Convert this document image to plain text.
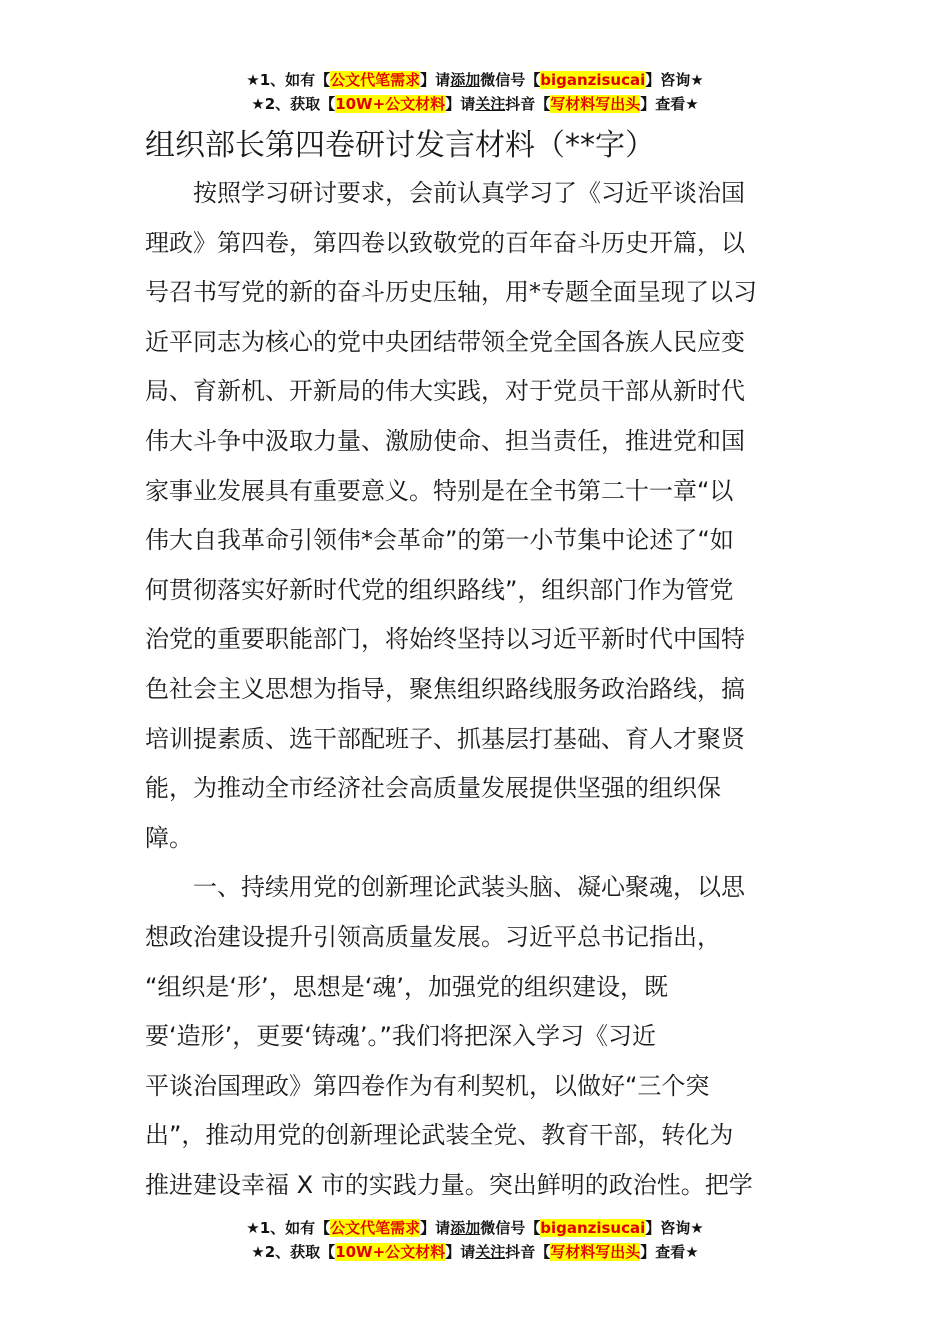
★1、如有【公文代笔需求】请添加微信号【biganzisucai】咨询★
★2、获取【10W+公文材料】请关注抖音【写材料写出头】查看★
组织部长第四卷研讨发言材料（**字）
按照学习研讨要求，会前认真学习了《习近平谈治国
理政》第四卷，第四卷以致敬党的百年奋斗历史开篇，以
号召书写党的新的奋斗历史压轴，用*专题全面呈现了以习
近平同志为核心的党中央团结带领全党全国各族人民应变
局、育新机、开新局的伟大实践，对于党员干部从新时代
伟大斗争中汲取力量、激励使命、担当责任，推进党和国
家事业发展具有重要意义。特别是在全书第二十一章“以
伟大自我革命引领伟*会革命”的第一小节集中论述了“如
何贯彻落实好新时代党的组织路线”，组织部门作为管党
治党的重要职能部门，将始终坚持以习近平新时代中国特
色社会主义思想为指导，聚焦组织路线服务政治路线，搞
培训提素质、选干部配班子、抓基层打基础、育人才聚贤
能，为推动全市经济社会高质量发展提供坚强的组织保
障。
一、持续用党的创新理论武装头脑、凝心聚魂，以思
想政治建设提升引领高质量发展。习近平总书记指出，
“组织是‘形’，思想是‘魂’，加强党的组织建设，既
要‘造形’，更要‘铸魂’。”我们将把深入学习《习近
平谈治国理政》第四卷作为有利契机，以做好“三个突
出”，推动用党的创新理论武装全党、教育干部，转化为
推进建设幸福 X 市的实践力量。突出鲜明的政治性。把学
★1、如有【公文代笔需求】请添加微信号【biganzisucai】咨询★
★2、获取【10W+公文材料】请关注抖音【写材料写出头】查看★
